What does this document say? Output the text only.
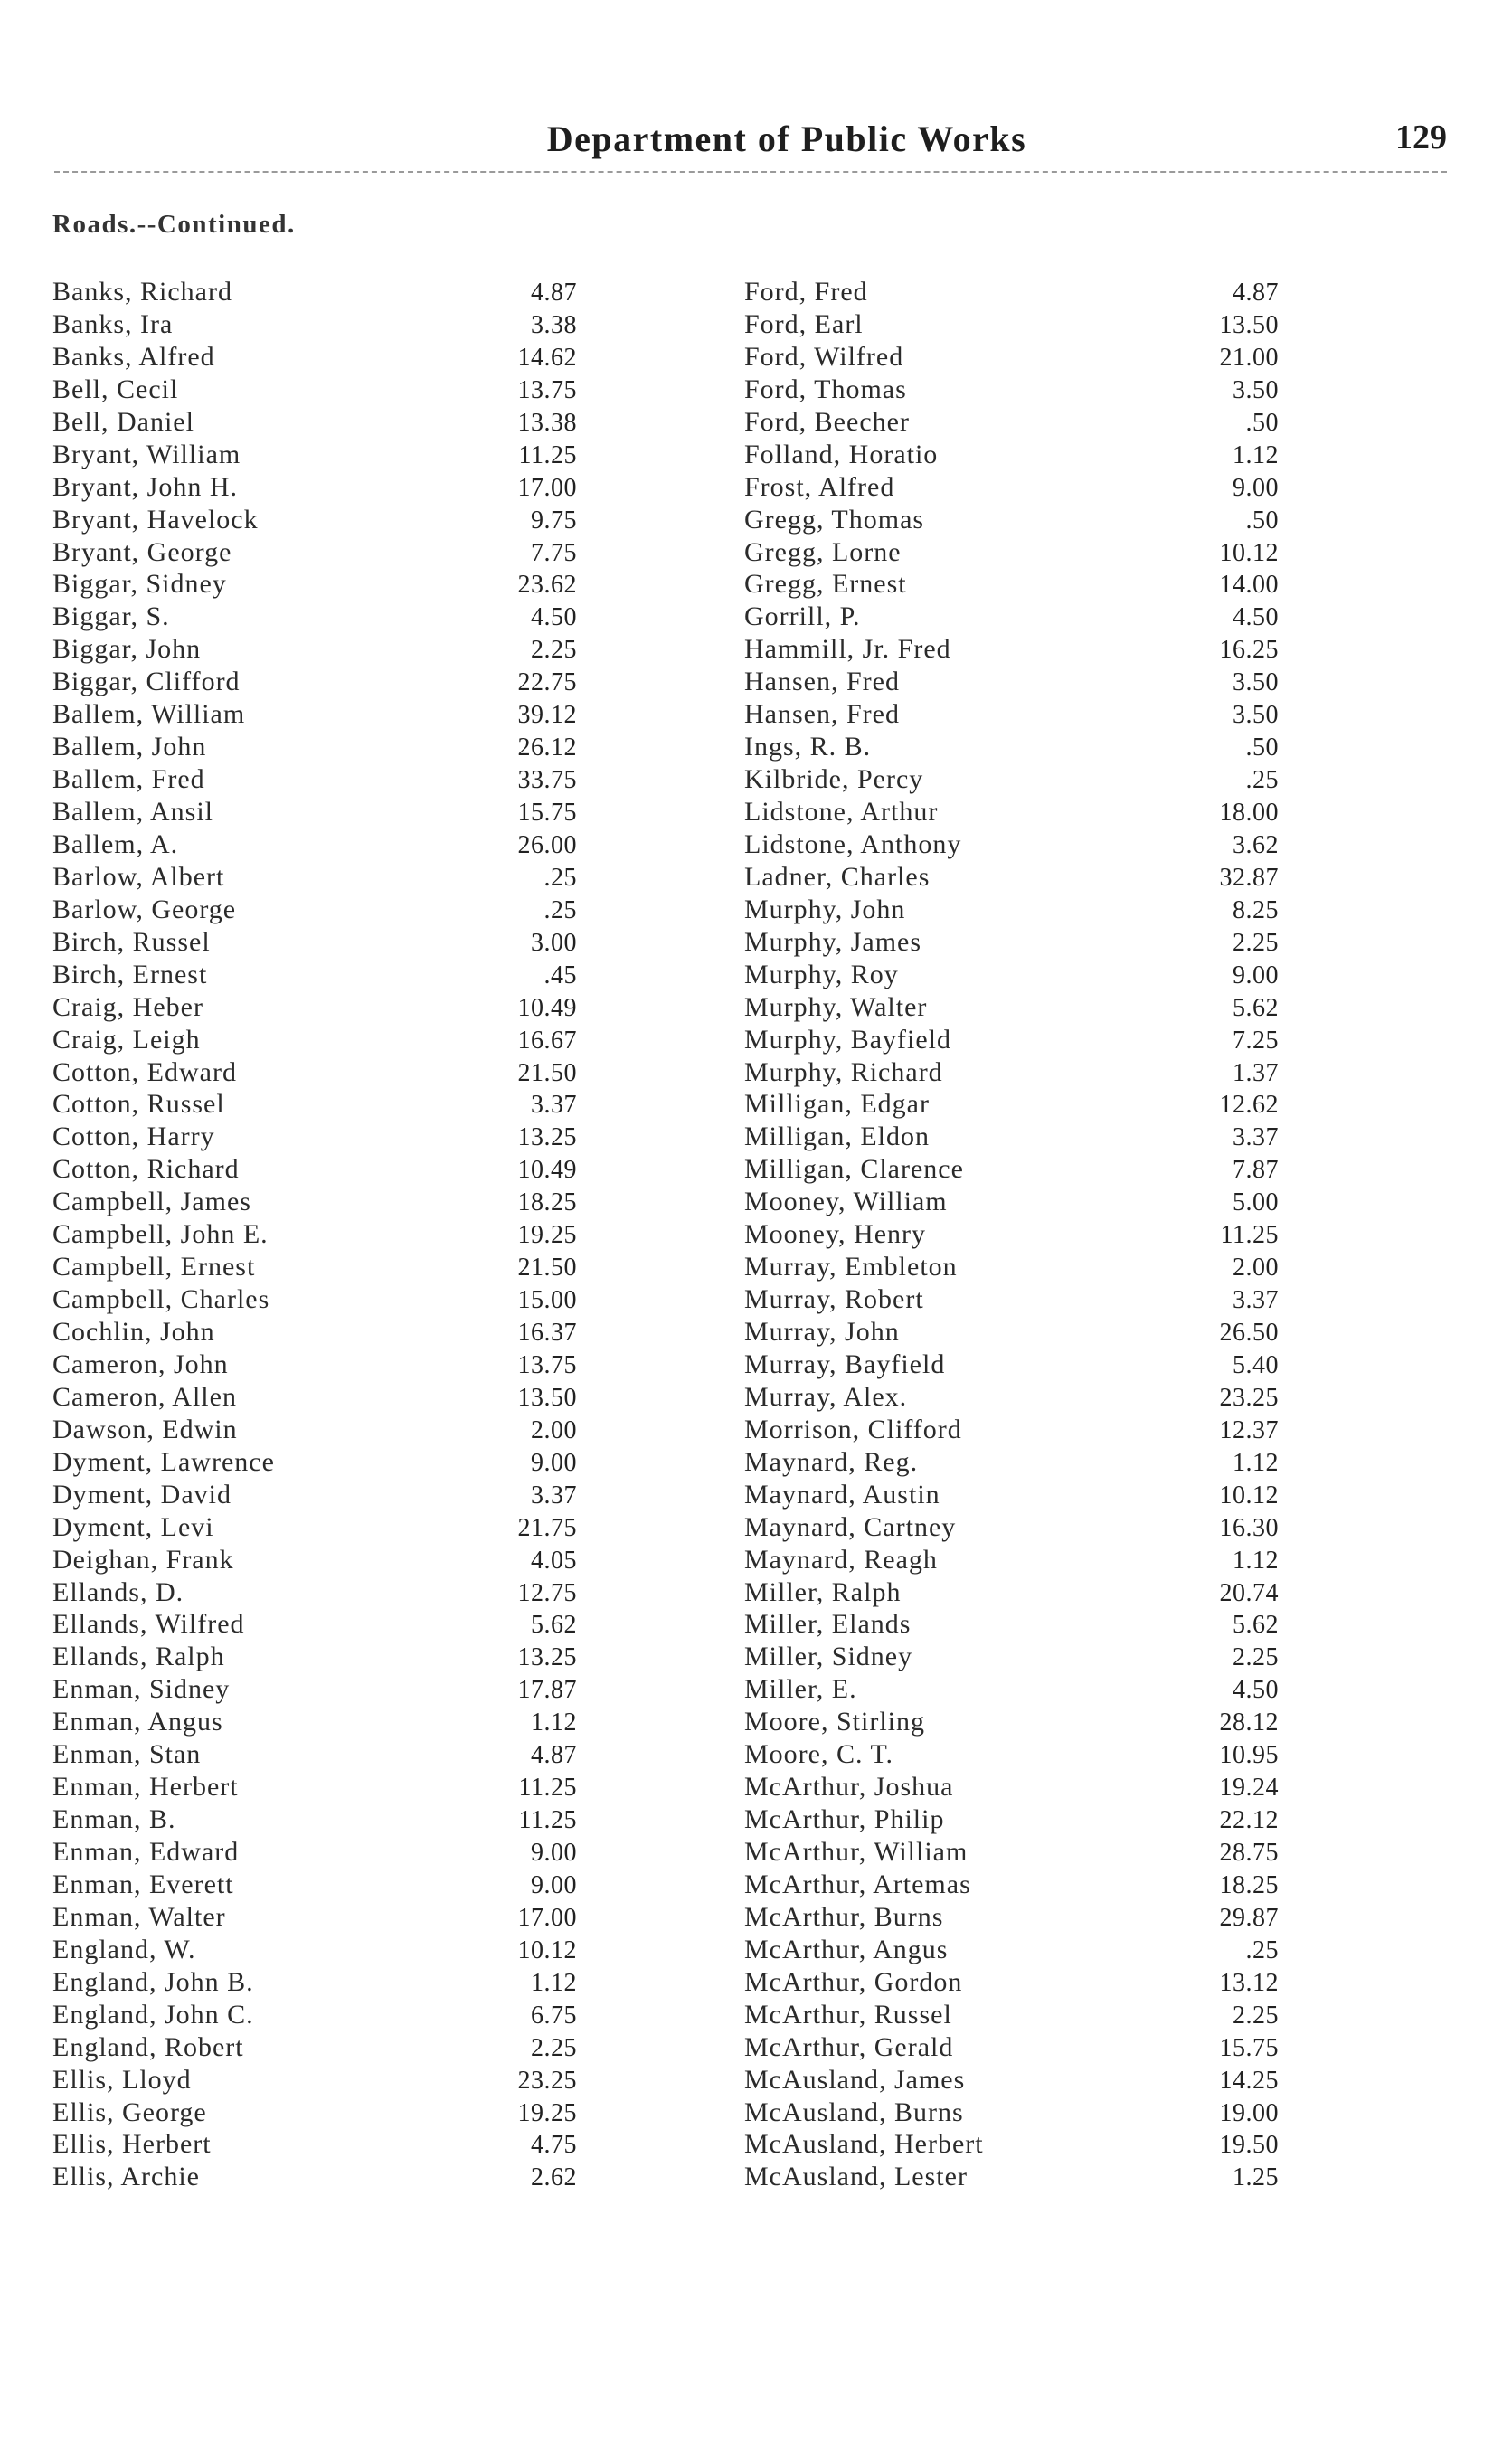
Department of Public Works	129
Roads.--Continued.
Banks, Richard	4.87
Banks, Ira	3.38
Banks, Alfred	14.62
Bell, Cecil	13.75
Bell, Daniel	13.38
Bryant, William	11.25
Bryant, John H.	17.00
Bryant, Havelock	9.75
Bryant, George	7.75
Biggar, Sidney	23.62
Biggar, S.	4.50
Biggar, John	2.25
Biggar, Clifford	22.75
Ballem, William	39.12
Ballem, John	26.12
Ballem, Fred	33.75
Ballem, Ansil	15.75
Ballem, A.	26.00
Barlow, Albert	.25
Barlow, George	.25
Birch, Russel	3.00
Birch, Ernest	.45
Craig, Heber	10.49
Craig, Leigh	16.67
Cotton, Edward	21.50
Cotton, Russel	3.37
Cotton, Harry	13.25
Cotton, Richard	10.49
Campbell, James	18.25
Campbell, John E.	19.25
Campbell, Ernest	21.50
Campbell, Charles	15.00
Cochlin, John	16.37
Cameron, John	13.75
Cameron, Allen	13.50
Dawson, Edwin	2.00
Dyment, Lawrence	9.00
Dyment, David	3.37
Dyment, Levi	21.75
Deighan, Frank	4.05
Ellands, D.	12.75
Ellands, Wilfred	5.62
Ellands, Ralph	13.25
Enman, Sidney	17.87
Enman, Angus	1.12
Enman, Stan	4.87
Enman, Herbert	11.25
Enman, B.	11.25
Enman, Edward	9.00
Enman, Everett	9.00
Enman, Walter	17.00
England, W.	10.12
England, John B.	1.12
England, John C.	6.75
England, Robert	2.25
Ellis, Lloyd	23.25
Ellis, George	19.25
Ellis, Herbert	4.75
Ellis, Archie	2.62
Ford, Fred	4.87
Ford, Earl	13.50
Ford, Wilfred	21.00
Ford, Thomas	3.50
Ford, Beecher	.50
Folland, Horatio	1.12
Frost, Alfred	9.00
Gregg, Thomas	.50
Gregg, Lorne	10.12
Gregg, Ernest	14.00
Gorrill, P.	4.50
Hammill, Jr. Fred	16.25
Hansen, Fred	3.50
Hansen, Fred	3.50
Ings, R. B.	.50
Kilbride, Percy	.25
Lidstone, Arthur	18.00
Lidstone, Anthony	3.62
Ladner, Charles	32.87
Murphy, John	8.25
Murphy, James	2.25
Murphy, Roy	9.00
Murphy, Walter	5.62
Murphy, Bayfield	7.25
Murphy, Richard	1.37
Milligan, Edgar	12.62
Milligan, Eldon	3.37
Milligan, Clarence	7.87
Mooney, William	5.00
Mooney, Henry	11.25
Murray, Embleton	2.00
Murray, Robert	3.37
Murray, John	26.50
Murray, Bayfield	5.40
Murray, Alex.	23.25
Morrison, Clifford	12.37
Maynard, Reg.	1.12
Maynard, Austin	10.12
Maynard, Cartney	16.30
Maynard, Reagh	1.12
Miller, Ralph	20.74
Miller, Elands	5.62
Miller, Sidney	2.25
Miller, E.	4.50
Moore, Stirling	28.12
Moore, C. T.	10.95
McArthur, Joshua	19.24
McArthur, Philip	22.12
McArthur, William	28.75
McArthur, Artemas	18.25
McArthur, Burns	29.87
McArthur, Angus	.25
McArthur, Gordon	13.12
McArthur, Russel	2.25
McArthur, Gerald	15.75
McAusland, James	14.25
McAusland, Burns	19.00
McAusland, Herbert	19.50
McAusland, Lester	1.25
